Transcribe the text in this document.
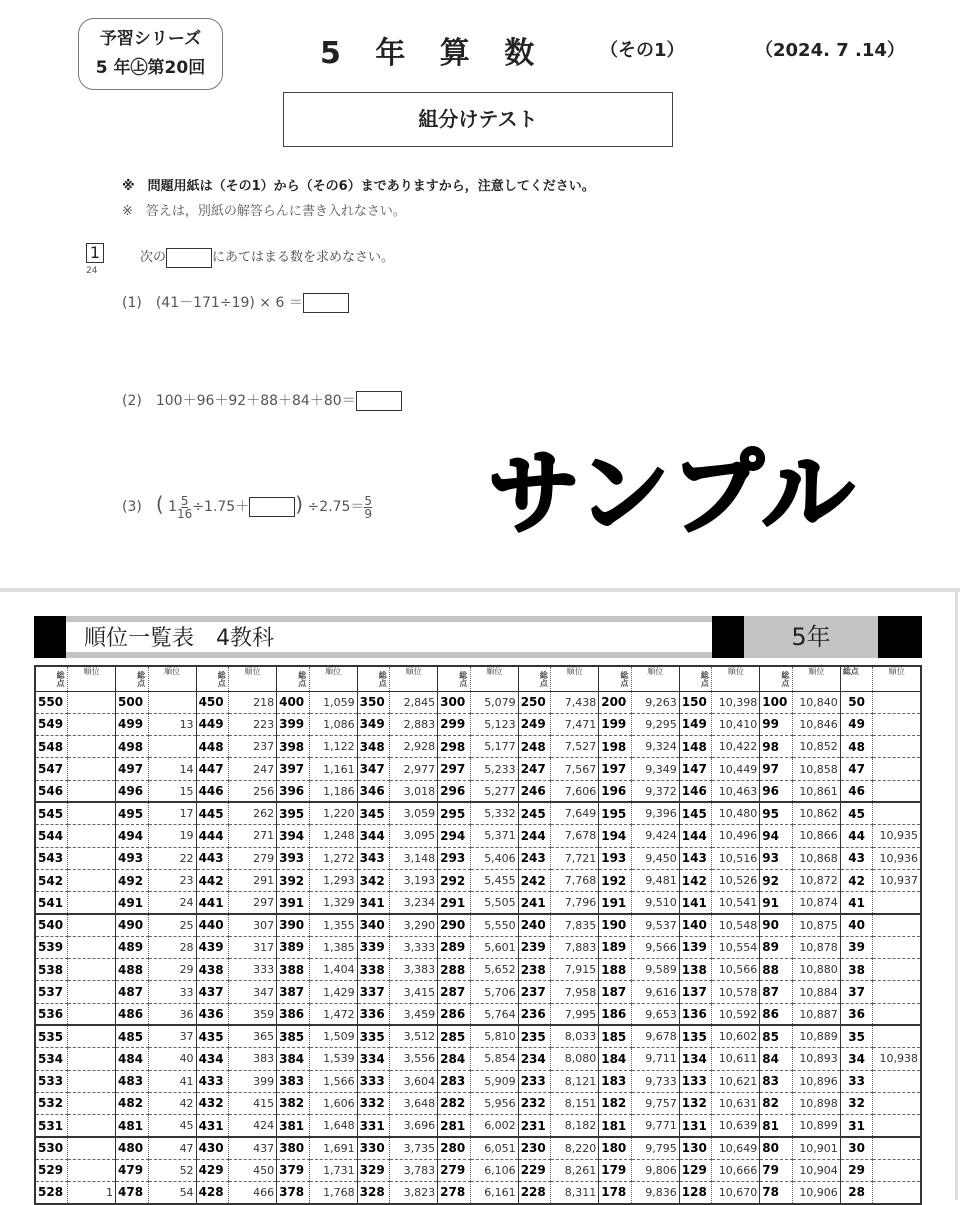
予習シリーズ
5 年㊤第20回	5 年 算 数	（その1）	（2024. 7 .14）
組分けテスト
※　問題用紙は（その1）から（その6）までありますから，注意してください。
※　答えは，別紙の解答らんに書き入れなさい。
1
24
次の	にあてはまる数を求めなさい。
(1) (41－171÷19) × 6 ＝
(2) 100＋96＋92＋88＋84＋80＝
(3) ( $1 \frac{5}{16} \div 1.75+$ ) $\div 2.75= \frac{5}{9}$ サンプル
順位一覧表　4教科	5年
総点	順位	総点	順位	総点	順位	総点	順位	総点	順位	総点	順位	総点	順位	総点	順位	総点	順位	総点	順位	総点	順位
550		500		450	218	400	1,059	350	2,845	300	5,079	250	7,438	200	9,263	150	10,398	100	10,840	50	
549		499	13	449	223	399	1,086	349	2,883	299	5,123	249	7,471	199	9,295	149	10,410	99	10,846	49	
548		498		448	237	398	1,122	348	2,928	298	5,177	248	7,527	198	9,324	148	10,422	98	10,852	48	
547		497	14	447	247	397	1,161	347	2,977	297	5,233	247	7,567	197	9,349	147	10,449	97	10,858	47	
546		496	15	446	256	396	1,186	346	3,018	296	5,277	246	7,606	196	9,372	146	10,463	96	10,861	46	
545		495	17	445	262	395	1,220	345	3,059	295	5,332	245	7,649	195	9,396	145	10,480	95	10,862	45	
544		494	19	444	271	394	1,248	344	3,095	294	5,371	244	7,678	194	9,424	144	10,496	94	10,866	44	10,935
543		493	22	443	279	393	1,272	343	3,148	293	5,406	243	7,721	193	9,450	143	10,516	93	10,868	43	10,936
542		492	23	442	291	392	1,293	342	3,193	292	5,455	242	7,768	192	9,481	142	10,526	92	10,872	42	10,937
541		491	24	441	297	391	1,329	341	3,234	291	5,505	241	7,796	191	9,510	141	10,541	91	10,874	41	
540		490	25	440	307	390	1,355	340	3,290	290	5,550	240	7,835	190	9,537	140	10,548	90	10,875	40	
539		489	28	439	317	389	1,385	339	3,333	289	5,601	239	7,883	189	9,566	139	10,554	89	10,878	39	
538		488	29	438	333	388	1,404	338	3,383	288	5,652	238	7,915	188	9,589	138	10,566	88	10,880	38	
537		487	33	437	347	387	1,429	337	3,415	287	5,706	237	7,958	187	9,616	137	10,578	87	10,884	37	
536		486	36	436	359	386	1,472	336	3,459	286	5,764	236	7,995	186	9,653	136	10,592	86	10,887	36	
535		485	37	435	365	385	1,509	335	3,512	285	5,810	235	8,033	185	9,678	135	10,602	85	10,889	35	
534		484	40	434	383	384	1,539	334	3,556	284	5,854	234	8,080	184	9,711	134	10,611	84	10,893	34	10,938
533		483	41	433	399	383	1,566	333	3,604	283	5,909	233	8,121	183	9,733	133	10,621	83	10,896	33	
532		482	42	432	415	382	1,606	332	3,648	282	5,956	232	8,151	182	9,757	132	10,631	82	10,898	32	
531		481	45	431	424	381	1,648	331	3,696	281	6,002	231	8,182	181	9,771	131	10,639	81	10,899	31	
530		480	47	430	437	380	1,691	330	3,735	280	6,051	230	8,220	180	9,795	130	10,649	80	10,901	30	
529		479	52	429	450	379	1,731	329	3,783	279	6,106	229	8,261	179	9,806	129	10,666	79	10,904	29	
528	1	478	54	428	466	378	1,768	328	3,823	278	6,161	228	8,311	178	9,836	128	10,670	78	10,906	28	
